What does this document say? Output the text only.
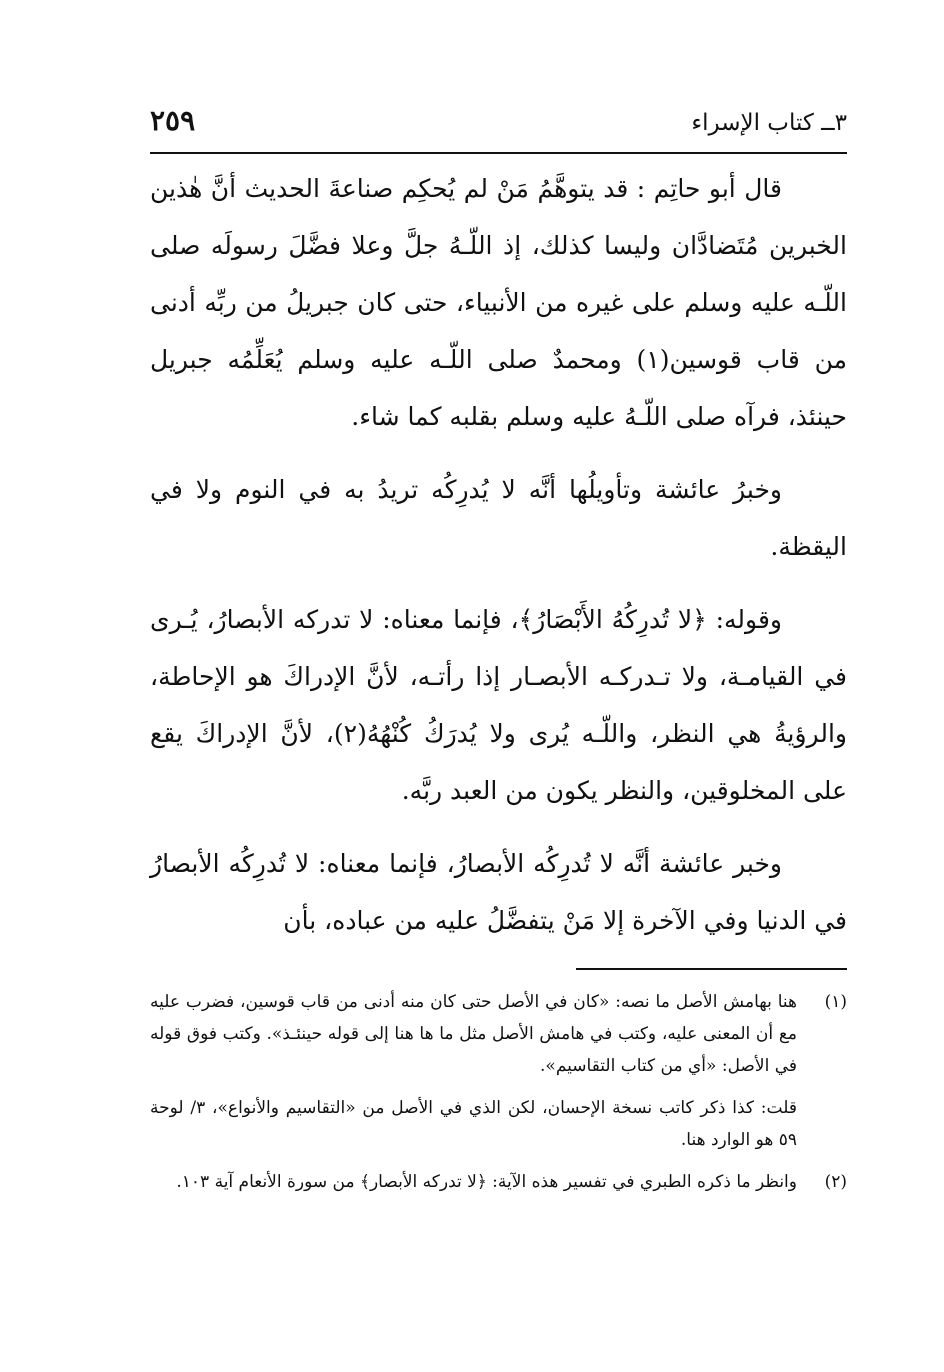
٣ــ كتاب الإسراء
٢٥٩

قال أبو حاتِم : قد يتوهَّمُ مَنْ لم يُحكِم صناعةَ الحديث أنَّ هٰذين الخبرين مُتَضادَّان وليسا كذلك، إذ اللّـهُ جلَّ وعلا فضَّلَ رسولَه صلى اللّـه عليه وسلم على غيره من الأنبياء، حتى كان جبريلُ من ربِّه أدنى من قاب قوسين(١) ومحمدٌ صلى اللّـه عليه وسلم يُعَلِّمُه جبريل حينئذ، فرآه صلى اللّـهُ عليه وسلم بقلبه كما شاء.

وخبرُ عائشة وتأويلُها أنَّه لا يُدرِكُه تريدُ به في النوم ولا في اليقظة.

وقوله: ﴿لا تُدرِكُهُ الأَبْصَارُ﴾، فإنما معناه: لا تدركه الأبصارُ، يُـرى في القيامـة، ولا تـدركـه الأبصـار إذا رأتـه، لأنَّ الإدراكَ هو الإحاطة، والرؤيةُ هي النظر، واللّـه يُرى ولا يُدرَكُ كُنْهُهُ(٢)، لأنَّ الإدراكَ يقع على المخلوقين، والنظر يكون من العبد ربَّه.

وخبر عائشة أنَّه لا تُدرِكُه الأبصارُ، فإنما معناه: لا تُدرِكُه الأبصارُ في الدنيا وفي الآخرة إلا مَنْ يتفضَّلُ عليه من عباده، بأن

(١)

هنا بهامش الأصل ما نصه: «كان في الأصل حتى كان منه أدنى من قاب قوسين، فضرب عليه مع أن المعنى عليه، وكتب في هامش الأصل مثل ما ها هنا إلى قوله حينئـذ». وكتب فوق قوله في الأصل: «أي من كتاب التقاسيم».

قلت: كذا ذكر كاتب نسخة الإحسان، لكن الذي في الأصل من «التقاسيم والأنواع»، ٣/ لوحة ٥٩ هو الوارد هنا.

(٢)

وانظر ما ذكره الطبري في تفسير هذه الآية: ﴿لا تدركه الأبصار﴾ من سورة الأنعام آية ١٠٣.
